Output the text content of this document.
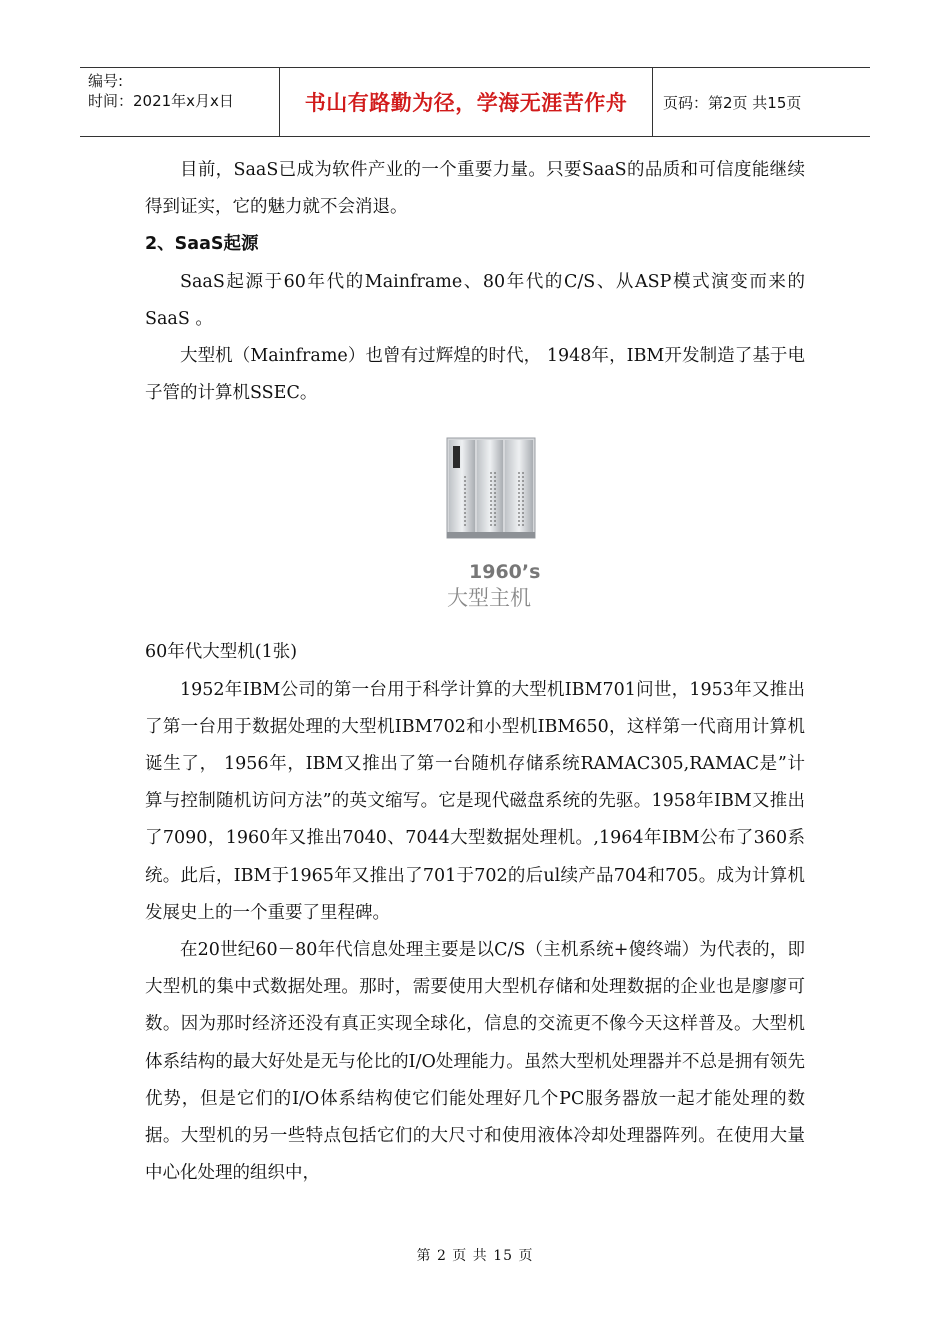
编号:
时间：2021年x月x日	书山有路勤为径，学海无涯苦作舟	页码：第2页 共15页

目前，SaaS已成为软件产业的一个重要力量。只要SaaS的品质和可信度能继续得到证实，它的魅力就不会消退。

2、SaaS起源

SaaS起源于60年代的Mainframe、80年代的C/S、从ASP模式演变而来的SaaS 。

大型机（Mainframe）也曾有过辉煌的时代， 1948年，IBM开发制造了基于电子管的计算机SSEC。

1960’s
大型主机

60年代大型机(1张)

1952年IBM公司的第一台用于科学计算的大型机IBM701问世，1953年又推出了第一台用于数据处理的大型机IBM702和小型机IBM650，这样第一代商用计算机诞生了， 1956年，IBM又推出了第一台随机存储系统RAMAC305,RAMAC是”计算与控制随机访问方法”的英文缩写。它是现代磁盘系统的先驱。1958年IBM又推出了7090，1960年又推出7040、7044大型数据处理机。,1964年IBM公布了360系统。此后，IBM于1965年又推出了701于702的后ul续产品704和705。成为计算机发展史上的一个重要了里程碑。

在20世纪60－80年代信息处理主要是以C/S（主机系统+傻终端）为代表的，即大型机的集中式数据处理。那时，需要使用大型机存储和处理数据的企业也是廖廖可数。因为那时经济还没有真正实现全球化，信息的交流更不像今天这样普及。大型机体系结构的最大好处是无与伦比的I/O处理能力。虽然大型机处理器并不总是拥有领先优势，但是它们的I/O体系结构使它们能处理好几个PC服务器放一起才能处理的数据。大型机的另一些特点包括它们的大尺寸和使用液体冷却处理器阵列。在使用大量中心化处理的组织中，

第 2 页 共 15 页
